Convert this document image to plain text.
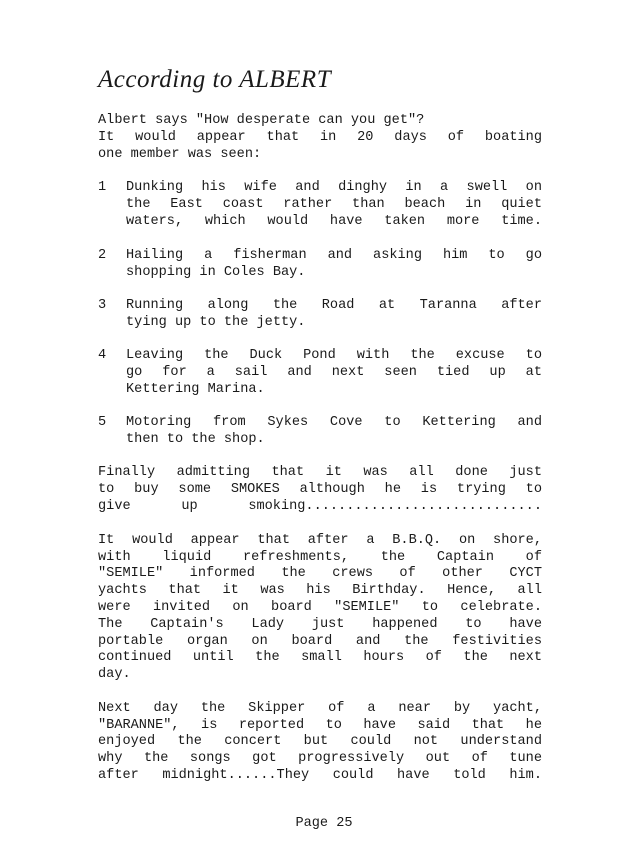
According to ALBERT
Albert says "How desperate can you get"?
It would appear that in 20 days of boating
one member was seen:
1	Dunking his wife and dinghy in a swell on
the East coast rather than beach in quiet
waters, which would have taken more time.
2	Hailing a fisherman and asking him to go
shopping in Coles Bay.
3	Running along the Road at Taranna after
tying up to the jetty.
4	Leaving the Duck Pond with the excuse to
go for a sail and next seen tied up at
Kettering Marina.
5	Motoring from Sykes Cove to Kettering and
then to the shop.
Finally admitting that it was all done just
to buy some SMOKES although he is trying to
give up smoking.............................
It would appear that after a B.B.Q. on shore,
with liquid refreshments, the Captain of
"SEMILE" informed the crews of other CYCT
yachts that it was his Birthday. Hence, all
were invited on board "SEMILE" to celebrate.
The Captain's Lady just happened to have
portable organ on board and the festivities
continued until the small hours of the next
day.
Next day the Skipper of a near by yacht,
"BARANNE", is reported to have said that he
enjoyed the concert but could not understand
why the songs got progressively out of tune
after midnight......They could have told him.
Page 25
